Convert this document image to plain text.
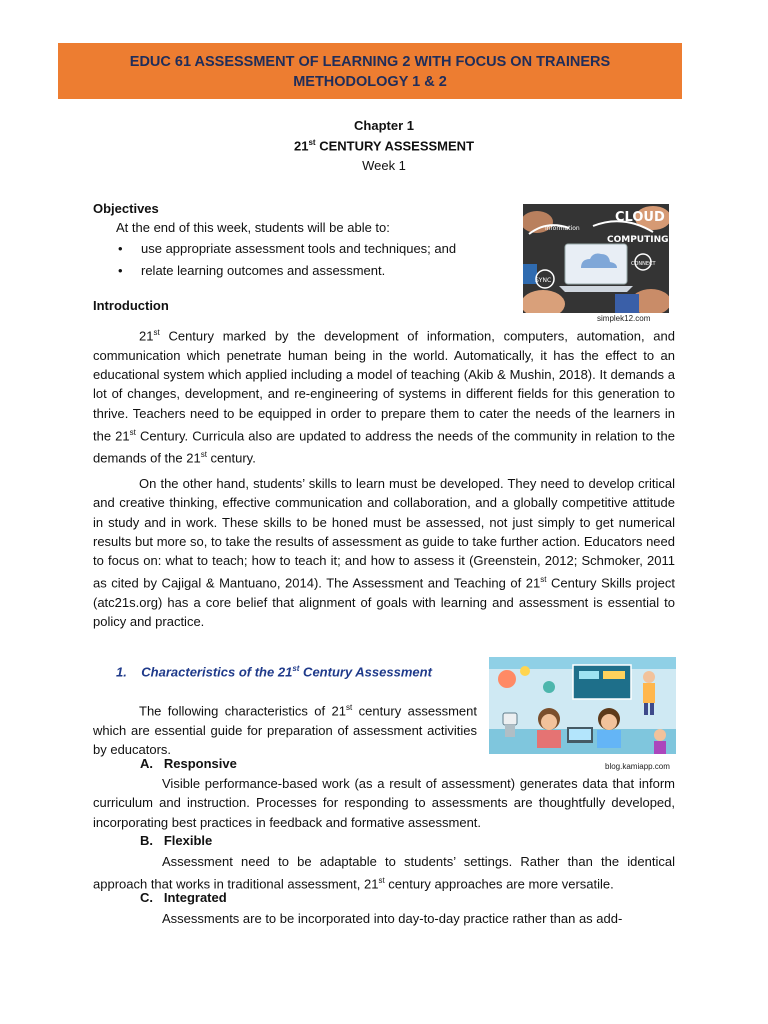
EDUC 61 ASSESSMENT OF LEARNING 2 WITH FOCUS ON TRAINERS
METHODOLOGY 1 & 2
Chapter 1
21st CENTURY ASSESSMENT
Week 1
Objectives
At the end of this week, students will be able to:
• use appropriate assessment tools and techniques; and
• relate learning outcomes and assessment.
CLOUD
COMPUTING
Information
SYNC
CONNECT
simplek12.com
Introduction

21st Century marked by the development of information, computers, automation, and communication which penetrate human being in the world. Automatically, it has the effect to an educational system which applied including a model of teaching (Akib & Mushin, 2018). It demands a lot of changes, development, and re-engineering of systems in different fields for this generation to thrive. Teachers need to be equipped in order to prepare them to cater the needs of the learners in the 21st Century. Curricula also are updated to address the needs of the community in relation to the demands of the 21st century.

On the other hand, students’ skills to learn must be developed. They need to develop critical and creative thinking, effective communication and collaboration, and a globally competitive attitude in study and in work. These skills to be honed must be assessed, not just simply to get numerical results but more so, to take the results of assessment as guide to take further action. Educators need to focus on: what to teach; how to teach it; and how to assess it (Greenstein, 2012; Schmoker, 2011 as cited by Cajigal & Mantuano, 2014). The Assessment and Teaching of 21st Century Skills project (atc21s.org) has a core belief that alignment of goals with learning and assessment is essential to policy and practice.

1. Characteristics of the 21st Century Assessment

The following characteristics of 21st century assessment which are essential guide for preparation of assessment activities by educators.

blog.kamiapp.com
A. Responsive

Visible performance-based work (as a result of assessment) generates data that inform curriculum and instruction. Processes for responding to assessments are thoughtfully developed, incorporating best practices in feedback and formative assessment.

B. Flexible

Assessment need to be adaptable to students’ settings. Rather than the identical approach that works in traditional assessment, 21st century approaches are more versatile.

C. Integrated

Assessments are to be incorporated into day-to-day practice rather than as add-
